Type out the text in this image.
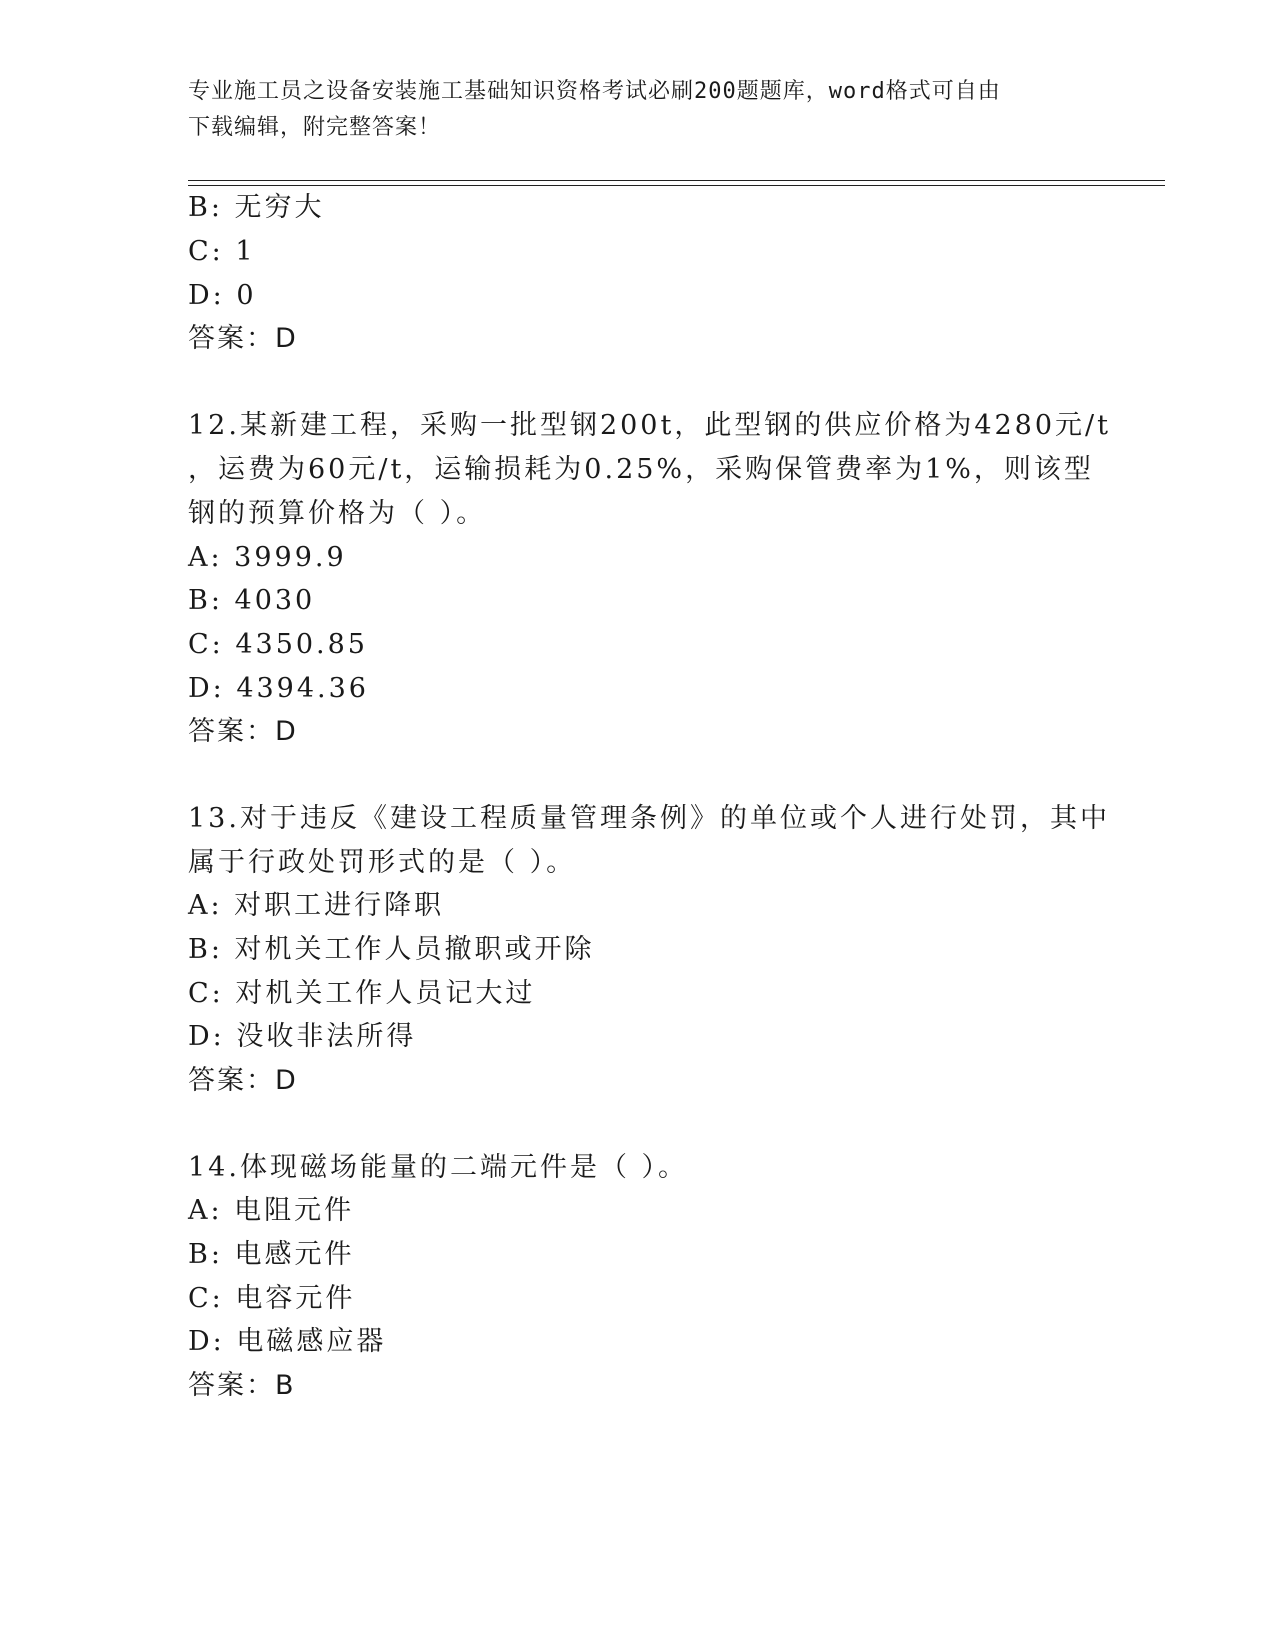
专业施工员之设备安装施工基础知识资格考试必刷200题题库，word格式可自由
下载编辑，附完整答案！
B: 无穷大
C: 1
D: 0
答案：D
12.某新建工程，采购一批型钢200t，此型钢的供应价格为4280元/t
，运费为60元/t，运输损耗为0.25%，采购保管费率为1%，则该型
钢的预算价格为（ ）。
A: 3999.9
B: 4030
C: 4350.85
D: 4394.36
答案：D
13.对于违反《建设工程质量管理条例》的单位或个人进行处罚，其中
属于行政处罚形式的是（ ）。
A: 对职工进行降职
B: 对机关工作人员撤职或开除
C: 对机关工作人员记大过
D: 没收非法所得
答案：D
14.体现磁场能量的二端元件是（ ）。
A: 电阻元件
B: 电感元件
C: 电容元件
D: 电磁感应器
答案：B
